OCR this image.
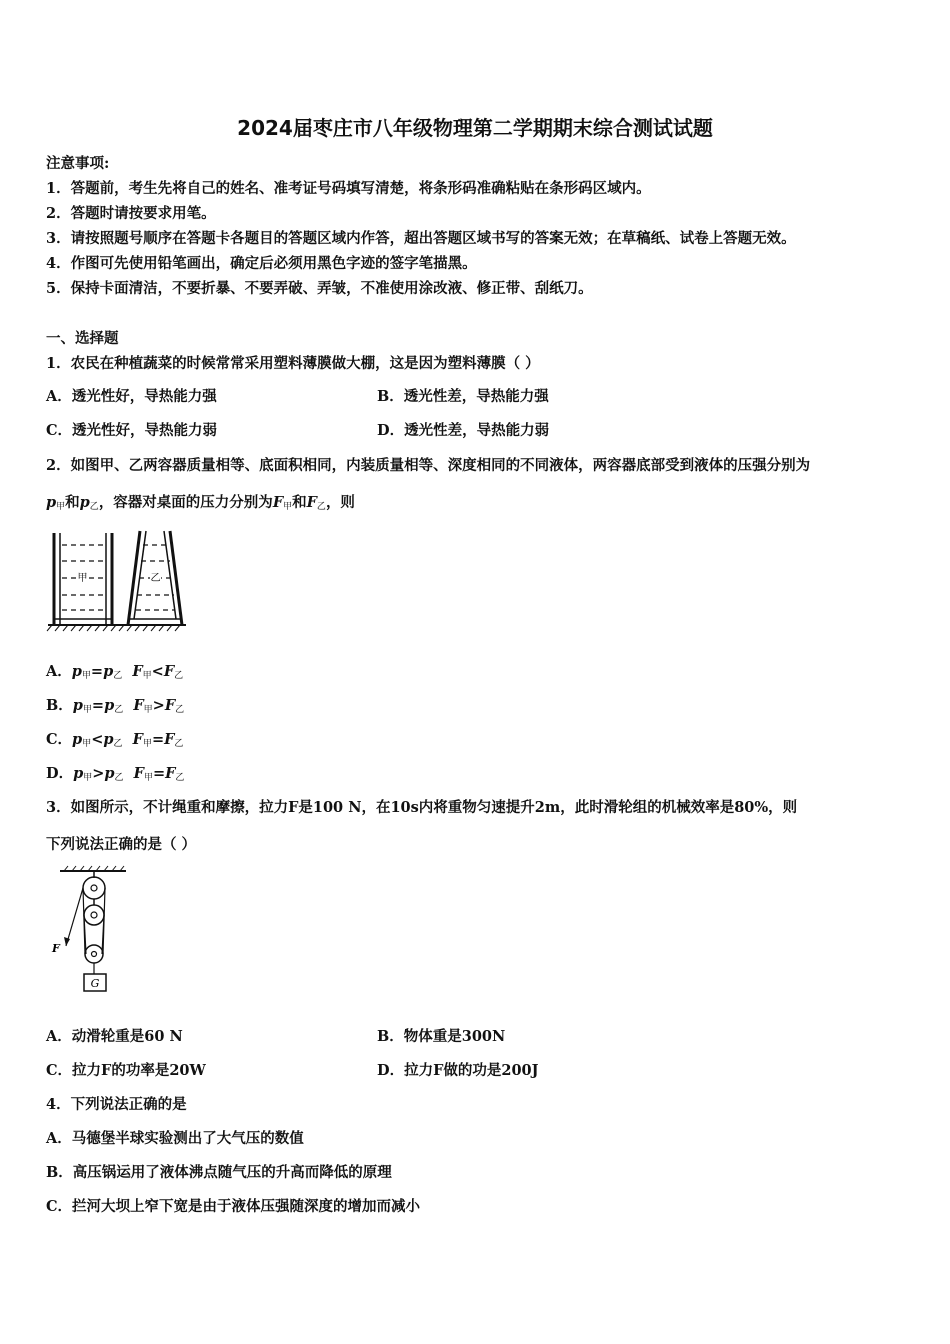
2024届枣庄市八年级物理第二学期期末综合测试试题
注意事项:
1．答题前，考生先将自己的姓名、准考证号码填写清楚，将条形码准确粘贴在条形码区域内。
2．答题时请按要求用笔。
3．请按照题号顺序在答题卡各题目的答题区域内作答，超出答题区域书写的答案无效；在草稿纸、试卷上答题无效。
4．作图可先使用铅笔画出，确定后必须用黑色字迹的签字笔描黑。
5．保持卡面清洁，不要折暴、不要弄破、弄皱，不准使用涂改液、修正带、刮纸刀。
一、选择题
1．农民在种植蔬菜的时候常常采用塑料薄膜做大棚，这是因为塑料薄膜（ ）
A．透光性好，导热能力强	B．透光性差，导热能力强
C．透光性好，导热能力弱	D．透光性差，导热能力弱
2．如图甲、乙两容器质量相等、底面积相同，内装质量相等、深度相同的不同液体，两容器底部受到液体的压强分别为
$p_甲$和$p_乙$，容器对桌面的压力分别为$F_甲$和$F_乙$，则
甲	乙
A．$p_甲=p_乙$ $F_甲<F_乙$
B．$p_甲=p_乙$ $F_甲>F_乙$
C．$p_甲<p_乙$ $F_甲=F_乙$
D．$p_甲>p_乙$ $F_甲=F_乙$
3．如图所示，不计绳重和摩擦，拉力F是100 N，在10s内将重物匀速提升2m，此时滑轮组的机械效率是80%，则
下列说法正确的是（ ）
F
G
A．动滑轮重是60 N	B．物体重是300N
C．拉力F的功率是20W	D．拉力F做的功是200J
4．下列说法正确的是
A．马德堡半球实验测出了大气压的数值
B．高压锅运用了液体沸点随气压的升高而降低的原理
C．拦河大坝上窄下宽是由于液体压强随深度的增加而减小
